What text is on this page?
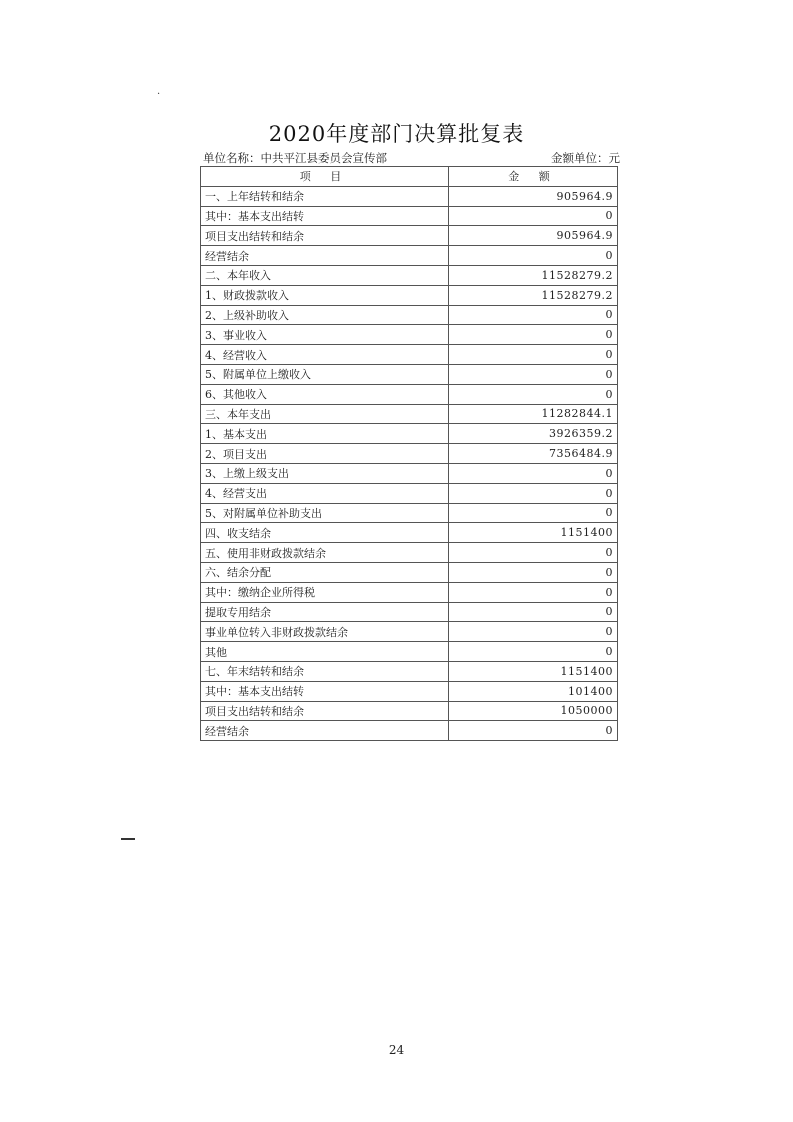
·
2020年度部门决算批复表
单位名称：中共平江县委员会宣传部	金额单位：元
项 目	金 额
一、上年结转和结余	905964.9
其中：基本支出结转	0
项目支出结转和结余	905964.9
经营结余	0
二、本年收入	11528279.2
1、财政拨款收入	11528279.2
2、上级补助收入	0
3、事业收入	0
4、经营收入	0
5、附属单位上缴收入	0
6、其他收入	0
三、本年支出	11282844.1
1、基本支出	3926359.2
2、项目支出	7356484.9
3、上缴上级支出	0
4、经营支出	0
5、对附属单位补助支出	0
四、收支结余	1151400
五、使用非财政拨款结余	0
六、结余分配	0
其中：缴纳企业所得税	0
提取专用结余	0
事业单位转入非财政拨款结余	0
其他	0
七、年末结转和结余	1151400
其中：基本支出结转	101400
项目支出结转和结余	1050000
经营结余	0
24
